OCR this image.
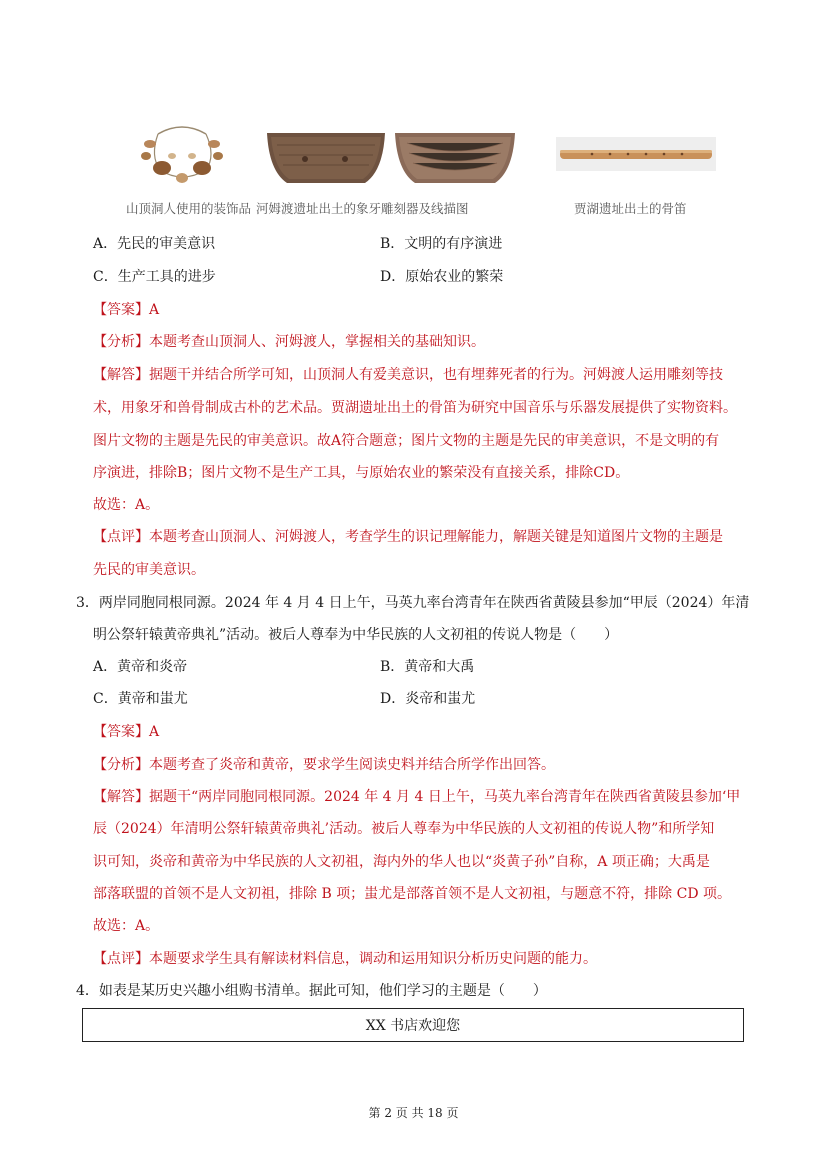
山顶洞人使用的装饰品 河姆渡遗址出土的象牙雕刻器及线描图	贾湖遗址出土的骨笛
A．先民的审美意识	B．文明的有序演进
C．生产工具的进步	D．原始农业的繁荣
【答案】A
【分析】本题考查山顶洞人、河姆渡人，掌握相关的基础知识。
【解答】据题干并结合所学可知，山顶洞人有爱美意识，也有埋葬死者的行为。河姆渡人运用雕刻等技
术，用象牙和兽骨制成古朴的艺术品。贾湖遗址出土的骨笛为研究中国音乐与乐器发展提供了实物资料。
图片文物的主题是先民的审美意识。故A符合题意；图片文物的主题是先民的审美意识，不是文明的有
序演进，排除B；图片文物不是生产工具，与原始农业的繁荣没有直接关系，排除CD。
故选：A。
【点评】本题考查山顶洞人、河姆渡人，考查学生的识记理解能力，解题关键是知道图片文物的主题是
先民的审美意识。
3．两岸同胞同根同源。2024 年 4 月 4 日上午，马英九率台湾青年在陕西省黄陵县参加“甲辰（2024）年清
明公祭轩辕黄帝典礼”活动。被后人尊奉为中华民族的人文初祖的传说人物是（　　）
A．黄帝和炎帝	B．黄帝和大禹
C．黄帝和蚩尤	D．炎帝和蚩尤
【答案】A
【分析】本题考查了炎帝和黄帝，要求学生阅读史料并结合所学作出回答。
【解答】据题干“两岸同胞同根同源。2024 年 4 月 4 日上午，马英九率台湾青年在陕西省黄陵县参加‘甲
辰（2024）年清明公祭轩辕黄帝典礼’活动。被后人尊奉为中华民族的人文初祖的传说人物”和所学知
识可知，炎帝和黄帝为中华民族的人文初祖，海内外的华人也以“炎黄子孙”自称，A 项正确；大禹是
部落联盟的首领不是人文初祖，排除 B 项；蚩尤是部落首领不是人文初祖，与题意不符，排除 CD 项。
故选：A。
【点评】本题要求学生具有解读材料信息，调动和运用知识分析历史问题的能力。
4．如表是某历史兴趣小组购书清单。据此可知，他们学习的主题是（　　）
XX 书店欢迎您
第 2 页 共 18 页
